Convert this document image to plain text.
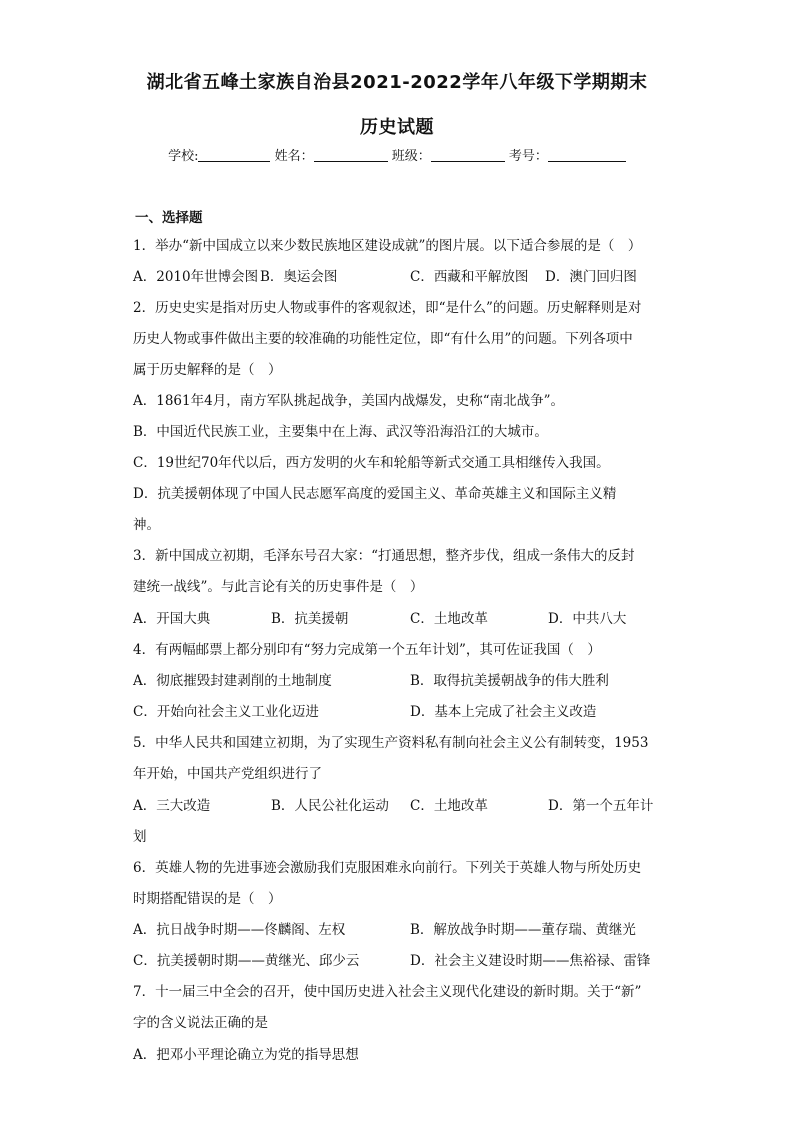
湖北省五峰土家族自治县2021-2022学年八年级下学期期末
历史试题
学校:	姓名：	班级：	考号：
一、选择题
1．举办“新中国成立以来少数民族地区建设成就”的图片展。以下适合参展的是（　）
A．2010年世博会图 B．奥运会图	C．西藏和平解放图 D．澳门回归图
2．历史史实是指对历史人物或事件的客观叙述，即“是什么”的问题。历史解释则是对
历史人物或事件做出主要的较准确的功能性定位，即“有什么用”的问题。下列各项中
属于历史解释的是（　）
A．1861年4月，南方军队挑起战争，美国内战爆发，史称“南北战争”。
B．中国近代民族工业，主要集中在上海、武汉等沿海沿江的大城市。
C．19世纪70年代以后，西方发明的火车和轮船等新式交通工具相继传入我国。
D．抗美援朝体现了中国人民志愿军高度的爱国主义、革命英雄主义和国际主义精
神。
3．新中国成立初期，毛泽东号召大家：“打通思想，整齐步伐，组成一条伟大的反封
建统一战线”。与此言论有关的历史事件是（　）
A．开国大典	B．抗美援朝	C．土地改革	D．中共八大
4．有两幅邮票上都分别印有“努力完成第一个五年计划”，其可佐证我国（　）
A．彻底摧毁封建剥削的土地制度	B．取得抗美援朝战争的伟大胜利
C．开始向社会主义工业化迈进	D．基本上完成了社会主义改造
5．中华人民共和国建立初期，为了实现生产资料私有制向社会主义公有制转变，1953
年开始，中国共产党组织进行了
A．三大改造	B．人民公社化运动 C．土地改革	D．第一个五年计
划
6．英雄人物的先进事迹会激励我们克服困难永向前行。下列关于英雄人物与所处历史
时期搭配错误的是（　）
A．抗日战争时期——佟麟阁、左权	B．解放战争时期——董存瑞、黄继光
C．抗美援朝时期——黄继光、邱少云	D．社会主义建设时期——焦裕禄、雷锋
7．十一届三中全会的召开，使中国历史进入社会主义现代化建设的新时期。关于“新”
字的含义说法正确的是
A．把邓小平理论确立为党的指导思想
